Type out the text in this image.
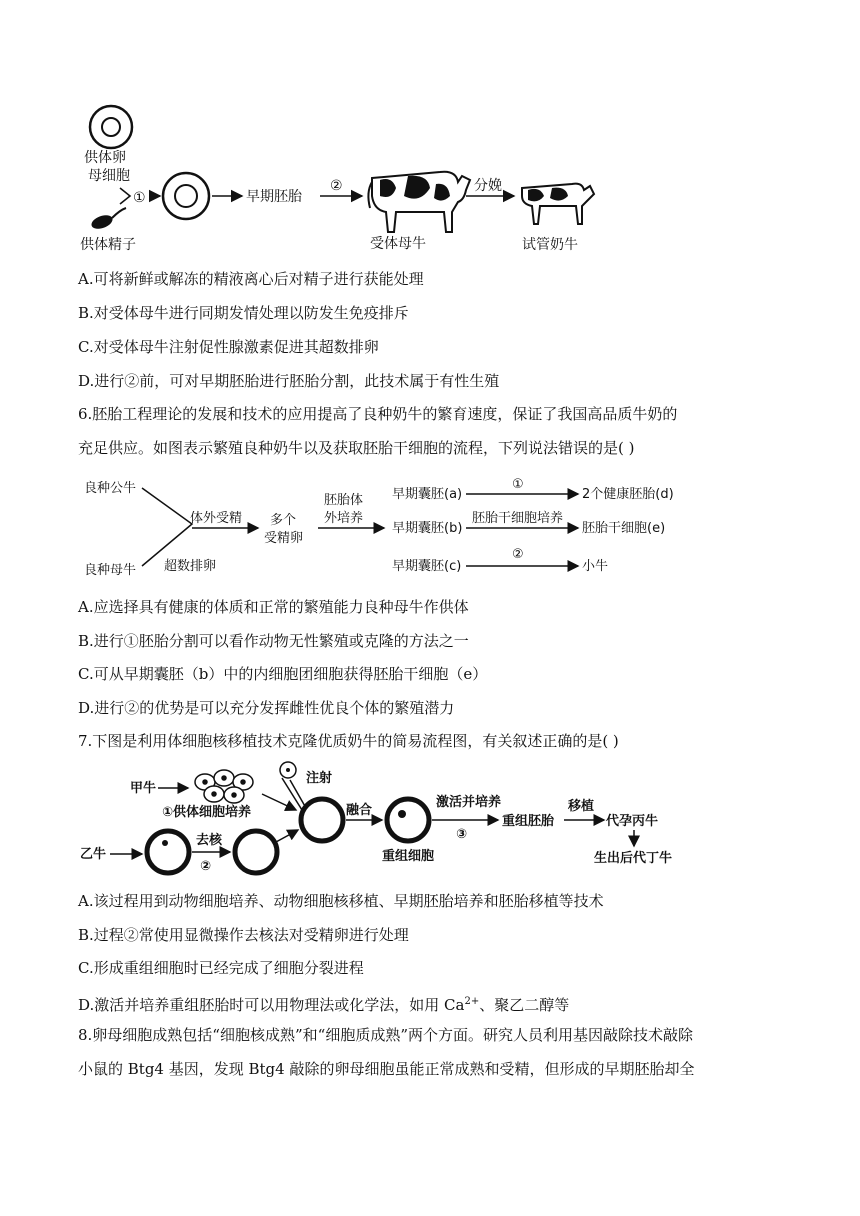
供体卵
母细胞
①
供体精子
早期胚胎
②
受体母牛
分娩
试管奶牛
A.可将新鲜或解冻的精液离心后对精子进行获能处理
B.对受体母牛进行同期发情处理以防发生免疫排斥
C.对受体母牛注射促性腺激素促进其超数排卵
D.进行②前，可对早期胚胎进行胚胎分割，此技术属于有性生殖
6.胚胎工程理论的发展和技术的应用提高了良种奶牛的繁育速度，保证了我国高品质牛奶的
充足供应。如图表示繁殖良种奶牛以及获取胚胎干细胞的流程，下列说法错误的是( )
良种公牛
良种母牛
体外受精
超数排卵
多个
受精卵
胚胎体
外培养
早期囊胚(a)
早期囊胚(b)
早期囊胚(c)
①
胚胎干细胞培养
②
2个健康胚胎(d)
胚胎干细胞(e)
小牛
A.应选择具有健康的体质和正常的繁殖能力良种母牛作供体
B.进行①胚胎分割可以看作动物无性繁殖或克隆的方法之一
C.可从早期囊胚（b）中的内细胞团细胞获得胚胎干细胞（e）
D.进行②的优势是可以充分发挥雌性优良个体的繁殖潜力
7.下图是利用体细胞核移植技术克隆优质奶牛的简易流程图，有关叙述正确的是( )
甲牛
①供体细胞培养
注射
乙牛
去核
②
融合
重组细胞
激活并培养
③
重组胚胎
移植
代孕丙牛
生出后代丁牛
A.该过程用到动物细胞培养、动物细胞核移植、早期胚胎培养和胚胎移植等技术
B.过程②常使用显微操作去核法对受精卵进行处理
C.形成重组细胞时已经完成了细胞分裂进程
D.激活并培养重组胚胎时可以用物理法或化学法，如用 $Ca^{2+}$、聚乙二醇等
8.卵母细胞成熟包括“细胞核成熟”和“细胞质成熟”两个方面。研究人员利用基因敲除技术敲除
小鼠的 Btg4 基因，发现 Btg4 敲除的卵母细胞虽能正常成熟和受精，但形成的早期胚胎却全
